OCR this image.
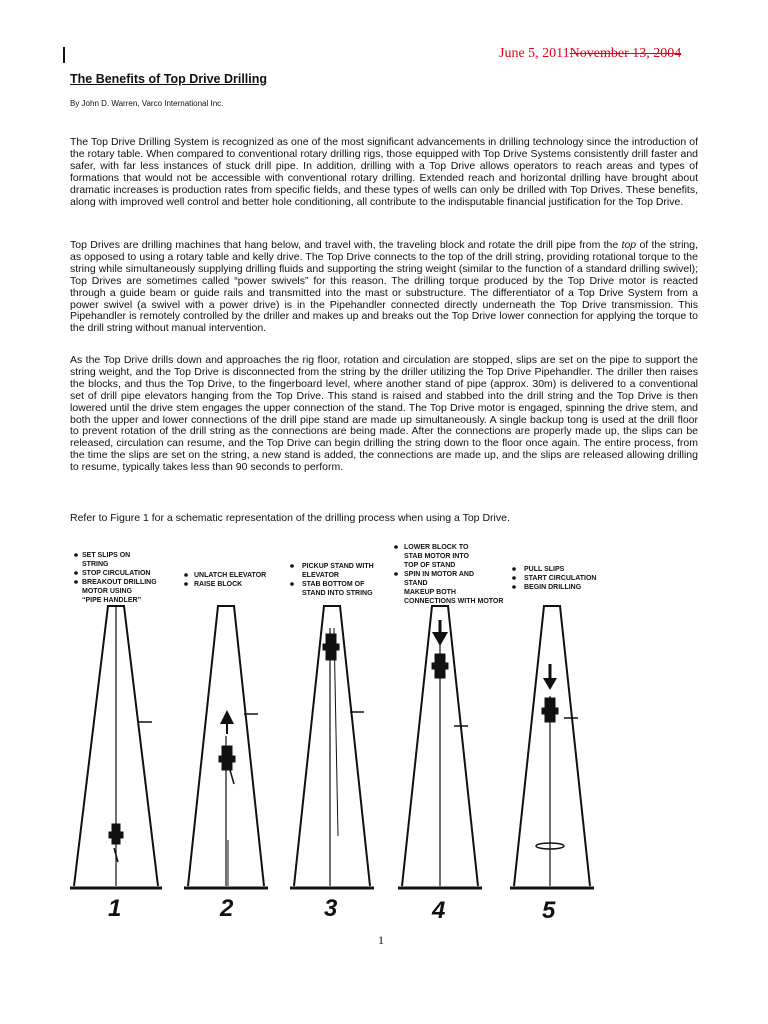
June 5, 2011November 13, 2004
The Benefits of Top Drive Drilling
By John D. Warren, Varco International Inc.

The Top Drive Drilling System is recognized as one of the most significant advancements in drilling technology since the introduction of the rotary table. When compared to conventional rotary drilling rigs, those equipped with Top Drive Systems consistently drill faster and safer, with far less instances of stuck drill pipe. In addition, drilling with a Top Drive allows operators to reach areas and types of formations that would not be accessible with conventional rotary drilling. Extended reach and horizontal drilling have brought about dramatic increases is production rates from specific fields, and these types of wells can only be drilled with Top Drives. These benefits, along with improved well control and better hole conditioning, all contribute to the indisputable financial justification for the Top Drive.

Top Drives are drilling machines that hang below, and travel with, the traveling block and rotate the drill pipe from the top of the string, as opposed to using a rotary table and kelly drive. The Top Drive connects to the top of the drill string, providing rotational torque to the string while simultaneously supplying drilling fluids and supporting the string weight (similar to the function of a standard drilling swivel); Top Drives are sometimes called “power swivels” for this reason. The drilling torque produced by the Top Drive motor is reacted through a guide beam or guide rails and transmitted into the mast or substructure. The differentiator of a Top Drive System from a power swivel (a swivel with a power drive) is in the Pipehandler connected directly underneath the Top Drive transmission. This Pipehandler is remotely controlled by the driller and makes up and breaks out the Top Drive lower connection for applying the torque to the drill string without manual intervention.

As the Top Drive drills down and approaches the rig floor, rotation and circulation are stopped, slips are set on the pipe to support the string weight, and the Top Drive is disconnected from the string by the driller utilizing the Top Drive Pipehandler. The driller then raises the blocks, and thus the Top Drive, to the fingerboard level, where another stand of pipe (approx. 30m) is delivered to a conventional set of drill pipe elevators hanging from the Top Drive. This stand is raised and stabbed into the drill string and the Top Drive is then lowered until the drive stem engages the upper connection of the stand. The Top Drive motor is engaged, spinning the drive stem, and both the upper and lower connections of the drill pipe stand are made up simultaneously. A single backup tong is used at the drill floor to prevent rotation of the drill string as the connections are being made. After the connections are properly made up, the slips can be released, circulation can resume, and the Top Drive can begin drilling the string down to the floor once again. The entire process, from the time the slips are set on the string, a new stand is added, the connections are made up, and the slips are released allowing drilling to resume, typically takes less than 90 seconds to perform.

Refer to Figure 1 for a schematic representation of the drilling process when using a Top Drive.

SET SLIPS ON
STRING
STOP CIRCULATION
BREAKOUT DRILLING
MOTOR USING
“PIPE HANDLER”
UNLATCH ELEVATOR
RAISE BLOCK
PICKUP STAND WITH
ELEVATOR
STAB BOTTOM OF
STAND INTO STRING
LOWER BLOCK TO
STAB MOTOR INTO
TOP OF STAND
SPIN IN MOTOR AND
STAND
MAKEUP BOTH
CONNECTIONS WITH MOTOR
PULL SLIPS
START CIRCULATION
BEGIN DRILLING
1	2	3	4	5
1
